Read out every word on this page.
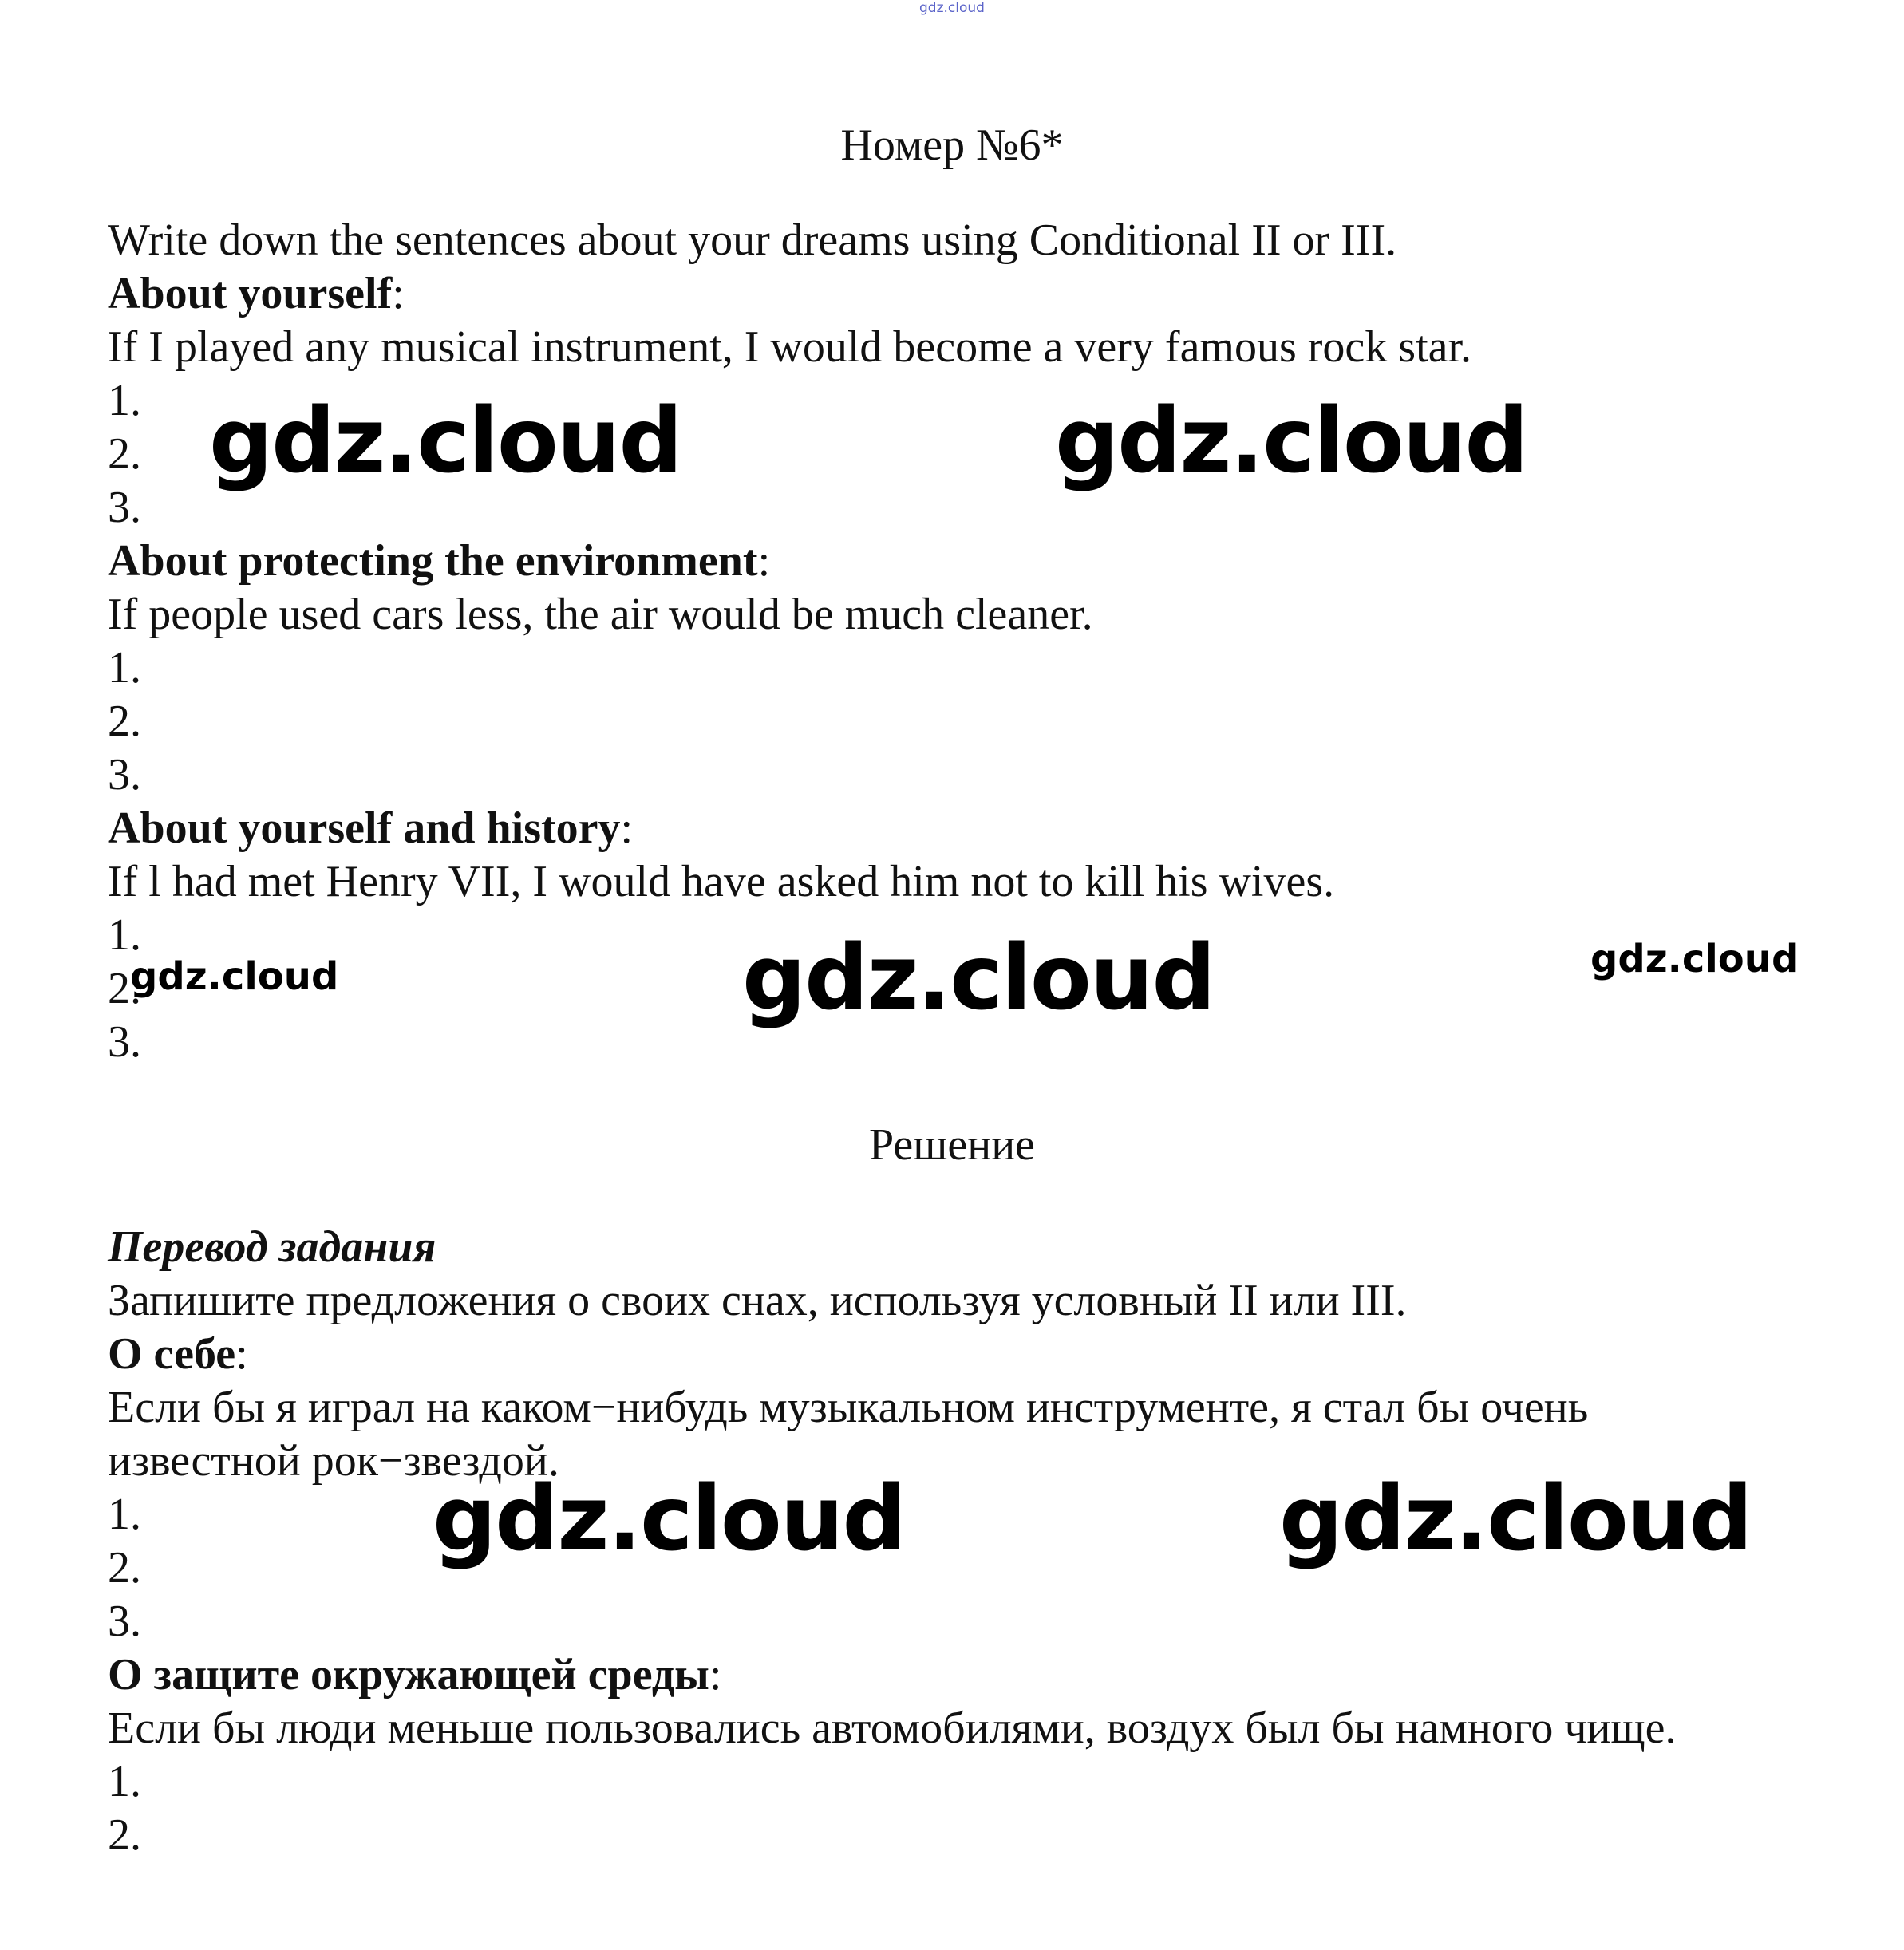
gdz.cloud
Номер №6*
Write down the sentences about your dreams using Conditional II or III.
About yourself:
If I played any musical instrument, I would become a very famous rock star.
1.
2.
3.
About protecting the environment:
If people used cars less, the air would be much cleaner.
1.
2.
3.
About yourself and history:
If l had met Henry VII, I would have asked him not to kill his wives.
1.
2.
3.
Решение
Перевод задания
Запишите предложения о своих снах, используя условный II или III.
О себе:
Если бы я играл на каком−нибудь музыкальном инструменте, я стал бы очень
известной рок−звездой.
1.
2.
3.
О защите окружающей среды:
Если бы люди меньше пользовались автомобилями, воздух был бы намного чище.
1.
2.
gdz.cloud	gdz.cloud
gdz.cloud
gdz.cloud	gdz.cloud
gdz.cloud	gdz.cloud
